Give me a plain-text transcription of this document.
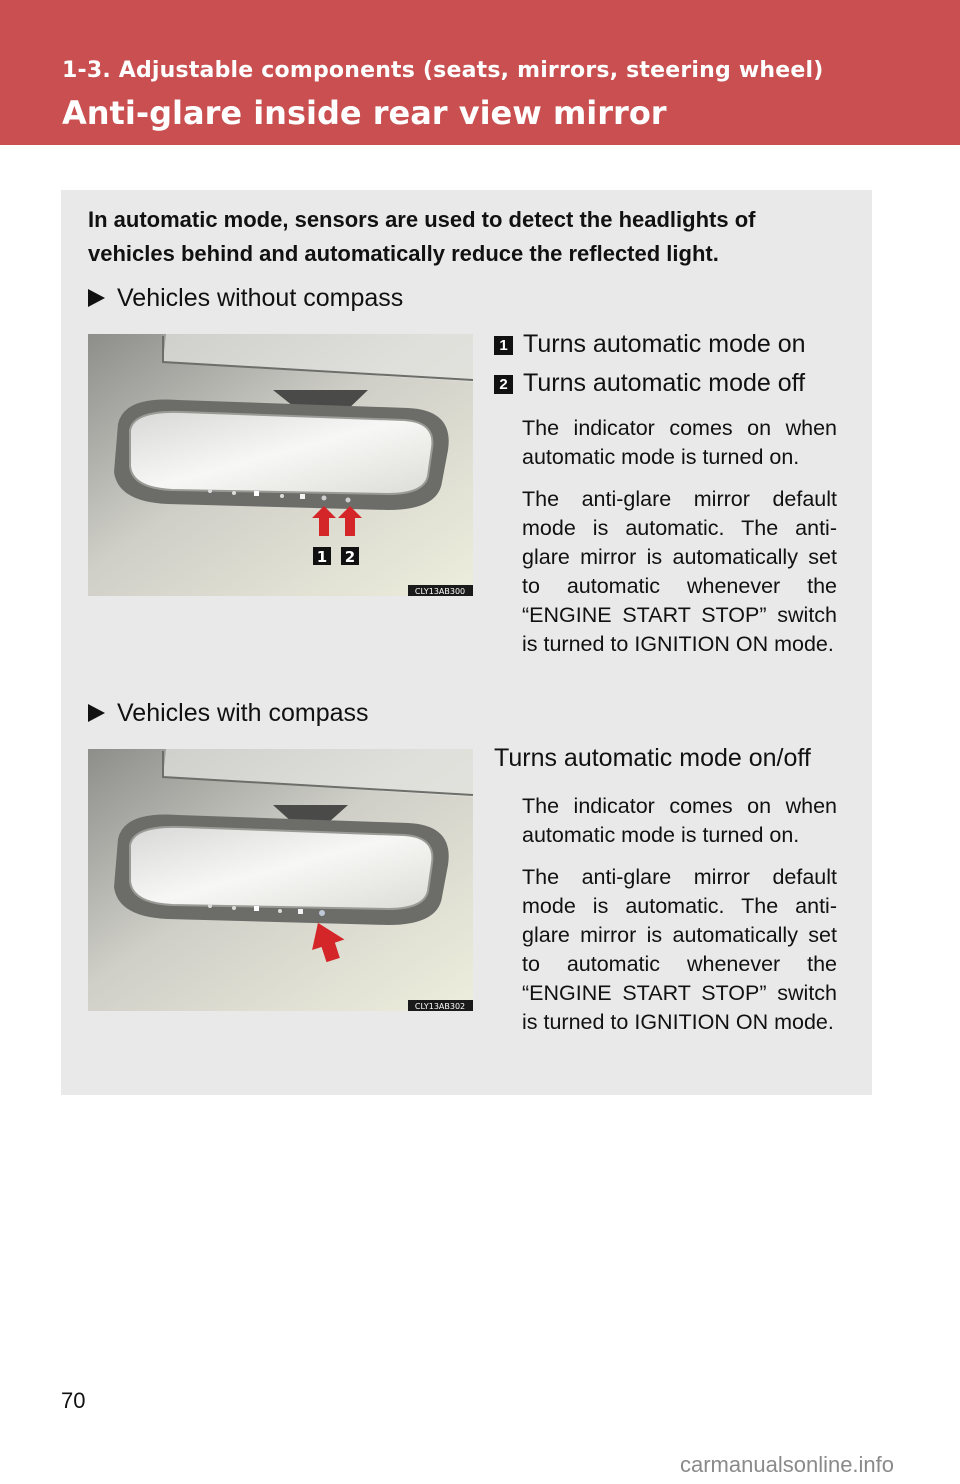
1-3. Adjustable components (seats, mirrors, steering wheel)
Anti-glare inside rear view mirror
In automatic mode, sensors are used to detect the headlights of vehicles behind and automatically reduce the reflected light.
Vehicles without compass
1 2
CLY13AB300
1 Turns automatic mode on
2 Turns automatic mode off
The indicator comes on when automatic mode is turned on.
The anti-glare mirror default mode is automatic. The anti-glare mirror is automatically set to automatic whenever the “ENGINE START STOP” switch is turned to IGNITION ON mode.
Vehicles with compass
CLY13AB302
Turns automatic mode on/off
The indicator comes on when automatic mode is turned on.
The anti-glare mirror default mode is automatic. The anti-glare mirror is automatically set to automatic whenever the “ENGINE START STOP” switch is turned to IGNITION ON mode.
70
carmanualsonline.info
